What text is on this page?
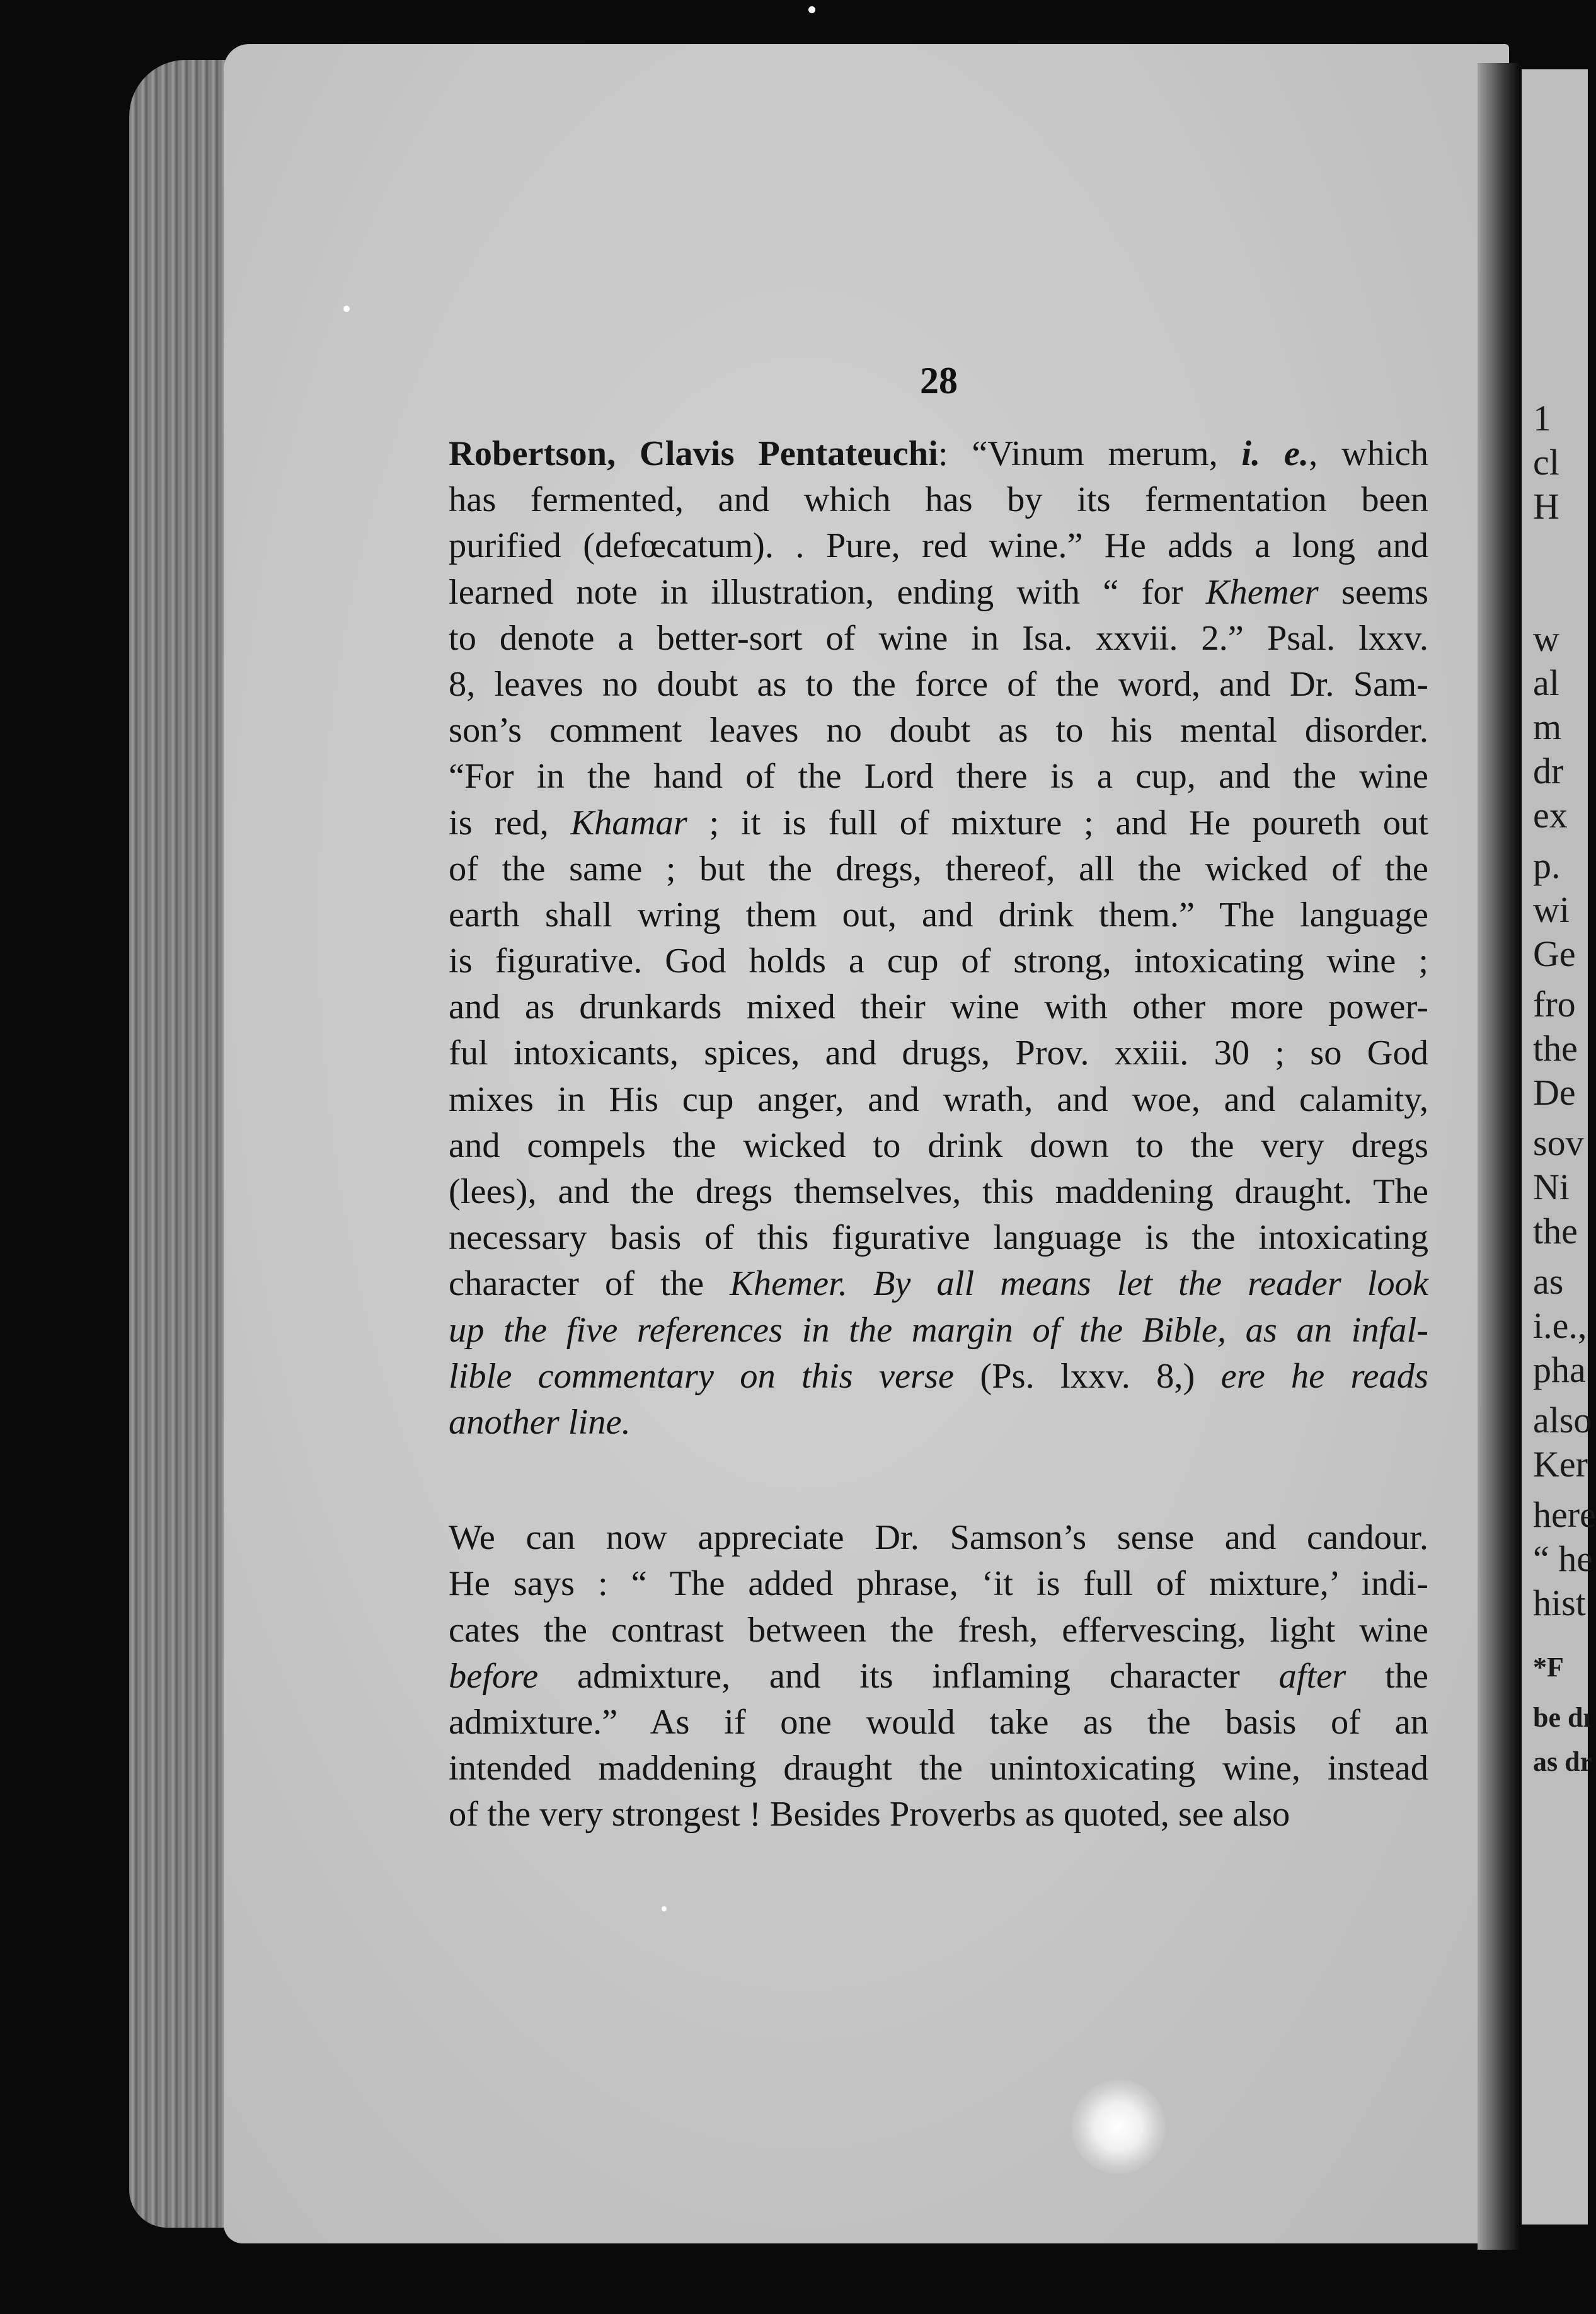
1
cl
H
w
al
m
dr
ex
p.
wi
Ge
fro
the
De
sov
Ni
the
as
i.e.,
pha
also
Ker
here
“ he
hist
*F
be dı
as dr
28
Robertson, Clavis Pentateuchi: “Vinum merum, i. e., which
has fermented, and which has by its fermentation been
purified (defœcatum). . Pure, red wine.” He adds a long and
learned note in illustration, ending with “ for Khemer seems
to denote a better-sort of wine in Isa. xxvii. 2.” Psal. lxxv.
8, leaves no doubt as to the force of the word, and Dr. Sam-
son’s comment leaves no doubt as to his mental disorder.
“For in the hand of the Lord there is a cup, and the wine
is red, Khamar ; it is full of mixture ; and He poureth out
of the same ; but the dregs, thereof, all the wicked of the
earth shall wring them out, and drink them.” The language
is figurative. God holds a cup of strong, intoxicating wine ;
and as drunkards mixed their wine with other more power-
ful intoxicants, spices, and drugs, Prov. xxiii. 30 ; so God
mixes in His cup anger, and wrath, and woe, and calamity,
and compels the wicked to drink down to the very dregs
(lees), and the dregs themselves, this maddening draught. The
necessary basis of this figurative language is the intoxicating
character of the Khemer. By all means let the reader look
up the five references in the margin of the Bible, as an infal-
lible commentary on this verse (Ps. lxxv. 8,) ere he reads
another line.
We can now appreciate Dr. Samson’s sense and candour.
He says : “ The added phrase, ‘it is full of mixture,’ indi-
cates the contrast between the fresh, effervescing, light wine
before admixture, and its inflaming character after the
admixture.” As if one would take as the basis of an
intended maddening draught the unintoxicating wine, instead
of the very strongest ! Besides Proverbs as quoted, see also
